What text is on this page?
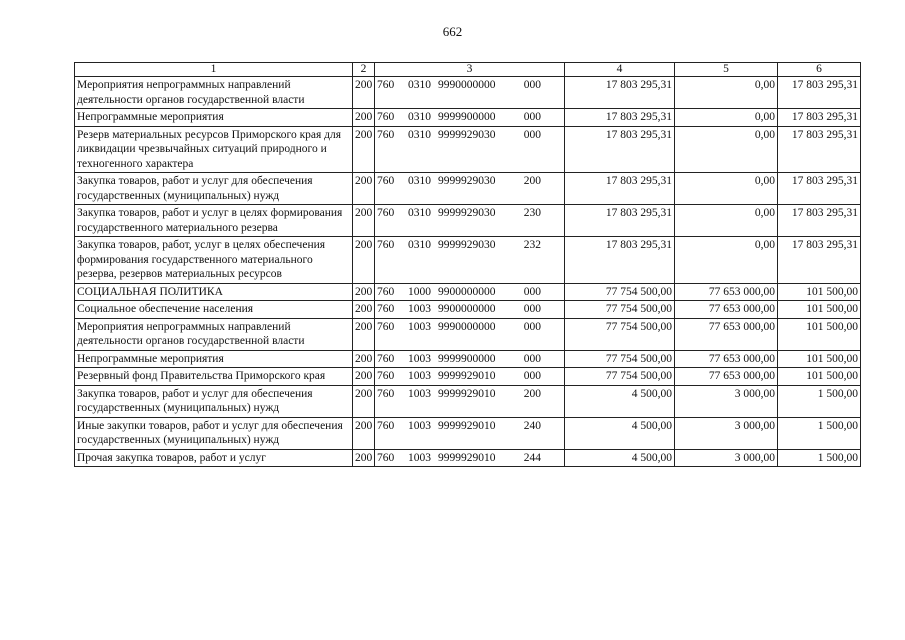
662
1	2	3	4	5	6
Мероприятия непрограммных направлений деятельности органов государственной власти	200	760 0310 9990000000 000	17 803 295,31	0,00	17 803 295,31
Непрограммные мероприятия	200	760 0310 9999900000 000	17 803 295,31	0,00	17 803 295,31
Резерв материальных ресурсов Приморского края для ликвидации чрезвычайных ситуаций природного и техногенного характера	200	760 0310 9999929030 000	17 803 295,31	0,00	17 803 295,31
Закупка товаров, работ и услуг для обеспечения государственных (муниципальных) нужд	200	760 0310 9999929030 200	17 803 295,31	0,00	17 803 295,31
Закупка товаров, работ и услуг в целях формирования государственного материального резерва	200	760 0310 9999929030 230	17 803 295,31	0,00	17 803 295,31
Закупка товаров, работ, услуг в целях обеспечения формирования государственного материального резерва, резервов материальных ресурсов	200	760 0310 9999929030 232	17 803 295,31	0,00	17 803 295,31
СОЦИАЛЬНАЯ ПОЛИТИКА	200	760 1000 9900000000 000	77 754 500,00	77 653 000,00	101 500,00
Социальное обеспечение населения	200	760 1003 9900000000 000	77 754 500,00	77 653 000,00	101 500,00
Мероприятия непрограммных направлений деятельности органов государственной власти	200	760 1003 9990000000 000	77 754 500,00	77 653 000,00	101 500,00
Непрограммные мероприятия	200	760 1003 9999900000 000	77 754 500,00	77 653 000,00	101 500,00
Резервный фонд Правительства Приморского края	200	760 1003 9999929010 000	77 754 500,00	77 653 000,00	101 500,00
Закупка товаров, работ и услуг для обеспечения государственных (муниципальных) нужд	200	760 1003 9999929010 200	4 500,00	3 000,00	1 500,00
Иные закупки товаров, работ и услуг для обеспечения государственных (муниципальных) нужд	200	760 1003 9999929010 240	4 500,00	3 000,00	1 500,00
Прочая закупка товаров, работ и услуг	200	760 1003 9999929010 244	4 500,00	3 000,00	1 500,00
